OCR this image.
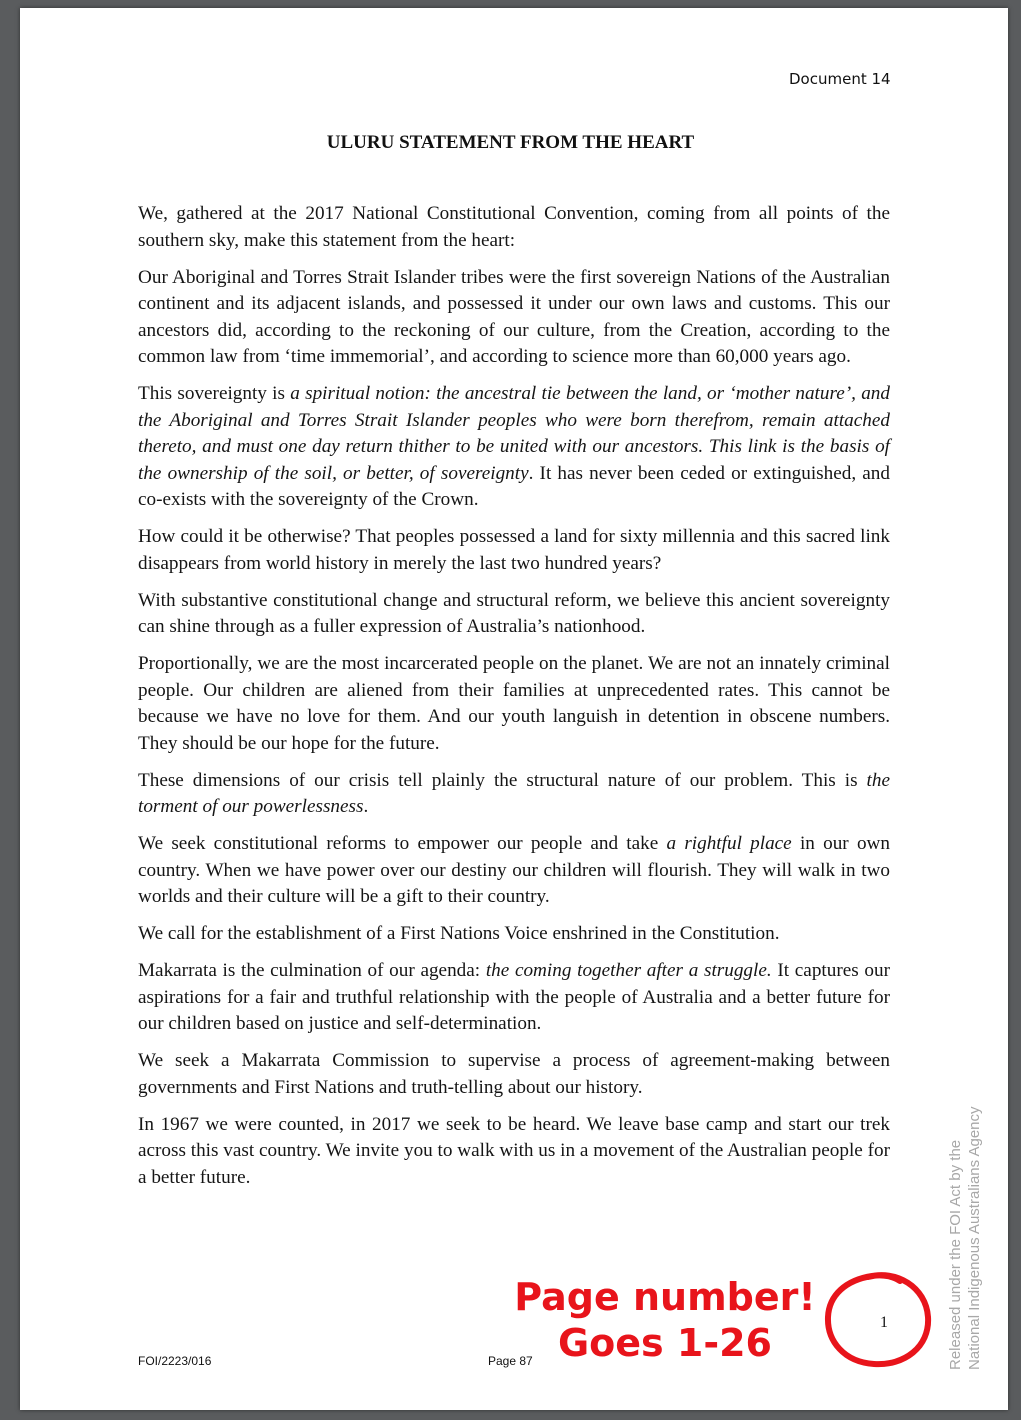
Document 14
ULURU STATEMENT FROM THE HEART

We, gathered at the 2017 National Constitutional Convention, coming from all points of the southern sky, make this statement from the heart:

Our Aboriginal and Torres Strait Islander tribes were the first sovereign Nations of the Australian continent and its adjacent islands, and possessed it under our own laws and customs. This our ancestors did, according to the reckoning of our culture, from the Creation, according to the common law from ‘time immemorial’, and according to science more than 60,000 years ago.

This sovereignty is a spiritual notion: the ancestral tie between the land, or ‘mother nature’, and the Aboriginal and Torres Strait Islander peoples who were born therefrom, remain attached thereto, and must one day return thither to be united with our ancestors. This link is the basis of the ownership of the soil, or better, of sovereignty. It has never been ceded or extinguished, and co-exists with the sovereignty of the Crown.

How could it be otherwise? That peoples possessed a land for sixty millennia and this sacred link disappears from world history in merely the last two hundred years?

With substantive constitutional change and structural reform, we believe this ancient sovereignty can shine through as a fuller expression of Australia’s nationhood.

Proportionally, we are the most incarcerated people on the planet. We are not an innately criminal people. Our children are aliened from their families at unprecedented rates. This cannot be because we have no love for them. And our youth languish in detention in obscene numbers. They should be our hope for the future.

These dimensions of our crisis tell plainly the structural nature of our problem. This is the torment of our powerlessness.

We seek constitutional reforms to empower our people and take a rightful place in our own country. When we have power over our destiny our children will flourish. They will walk in two worlds and their culture will be a gift to their country.

We call for the establishment of a First Nations Voice enshrined in the Constitution.

Makarrata is the culmination of our agenda: the coming together after a struggle. It captures our aspirations for a fair and truthful relationship with the people of Australia and a better future for our children based on justice and self-determination.

We seek a Makarrata Commission to supervise a process of agreement-making between governments and First Nations and truth-telling about our history.

In 1967 we were counted, in 2017 we seek to be heard. We leave base camp and start our trek across this vast country. We invite you to walk with us in a movement of the Australian people for a better future.

Page number!
Goes 1-26	1
FOI/2223/016	Page 87	Released under the FOI Act by the National Indigenous Australians Agency
